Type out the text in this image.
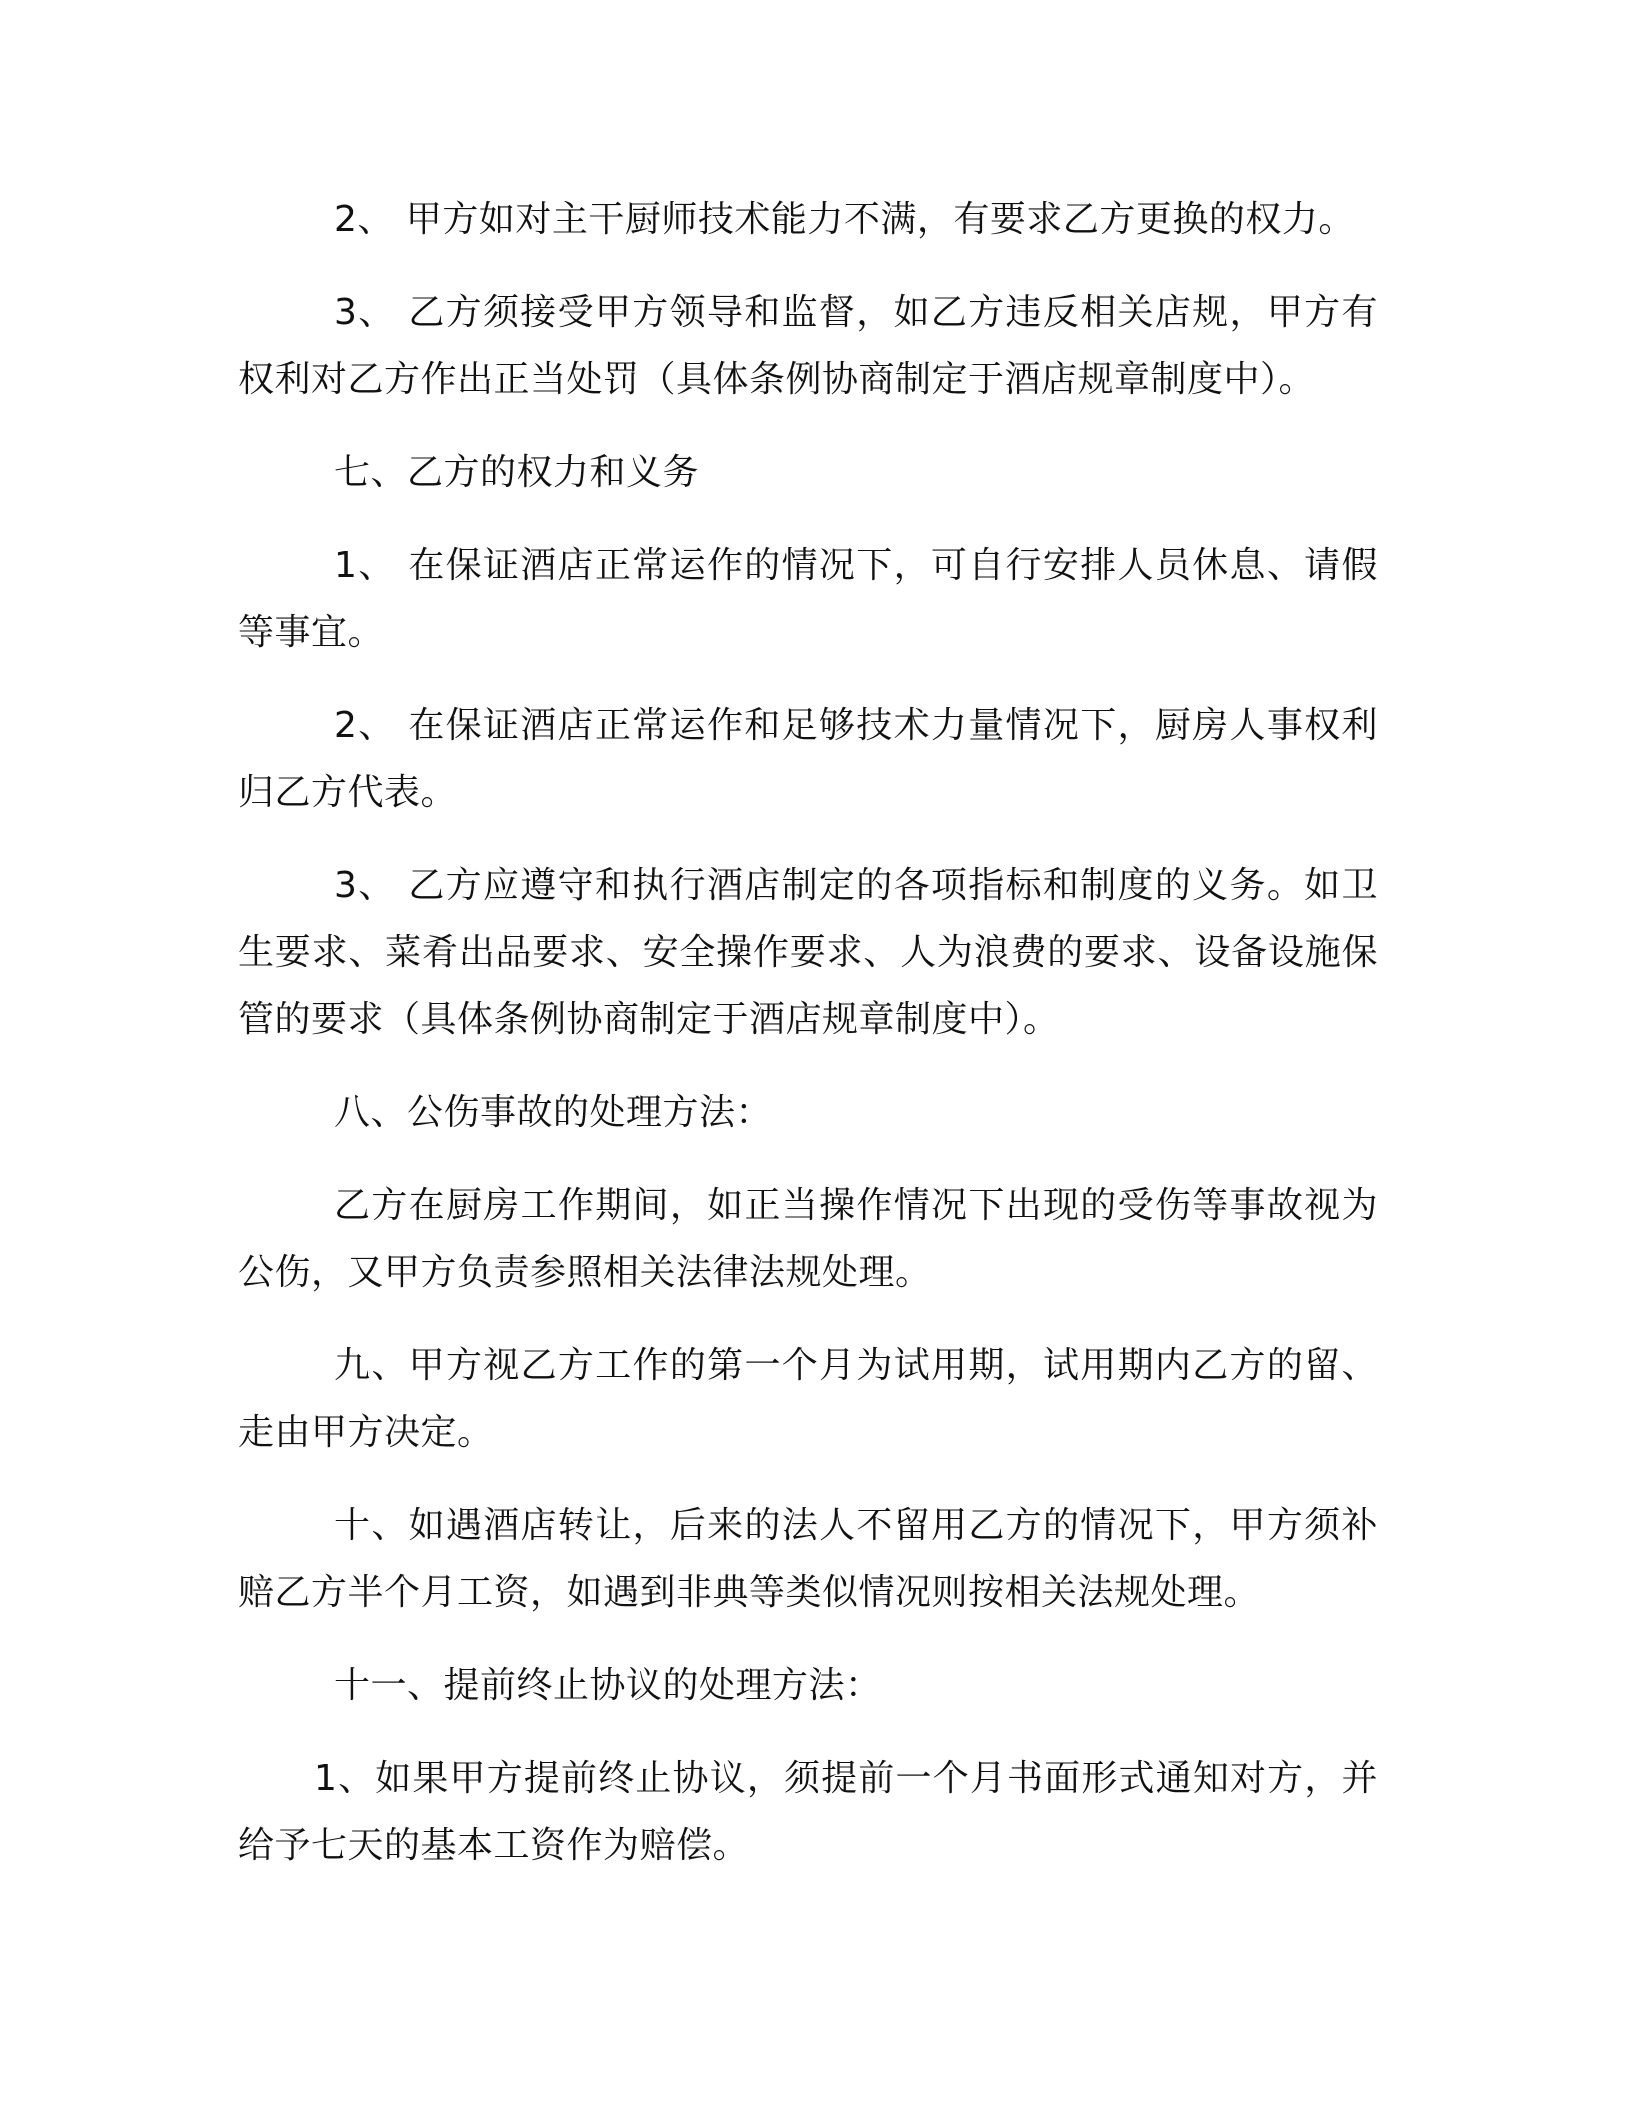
2、 甲方如对主干厨师技术能力不满，有要求乙方更换的权力。

3、 乙方须接受甲方领导和监督，如乙方违反相关店规，甲方有权利对乙方作出正当处罚（具体条例协商制定于酒店规章制度中）。

七、乙方的权力和义务

1、 在保证酒店正常运作的情况下，可自行安排人员休息、请假等事宜。

2、 在保证酒店正常运作和足够技术力量情况下，厨房人事权利归乙方代表。

3、 乙方应遵守和执行酒店制定的各项指标和制度的义务。如卫生要求、菜肴出品要求、安全操作要求、人为浪费的要求、设备设施保管的要求（具体条例协商制定于酒店规章制度中）。

八、公伤事故的处理方法：

乙方在厨房工作期间，如正当操作情况下出现的受伤等事故视为公伤，又甲方负责参照相关法律法规处理。

九、甲方视乙方工作的第一个月为试用期，试用期内乙方的留、走由甲方决定。

十、如遇酒店转让，后来的法人不留用乙方的情况下，甲方须补赔乙方半个月工资，如遇到非典等类似情况则按相关法规处理。

十一、提前终止协议的处理方法：

1、如果甲方提前终止协议，须提前一个月书面形式通知对方，并给予七天的基本工资作为赔偿。
